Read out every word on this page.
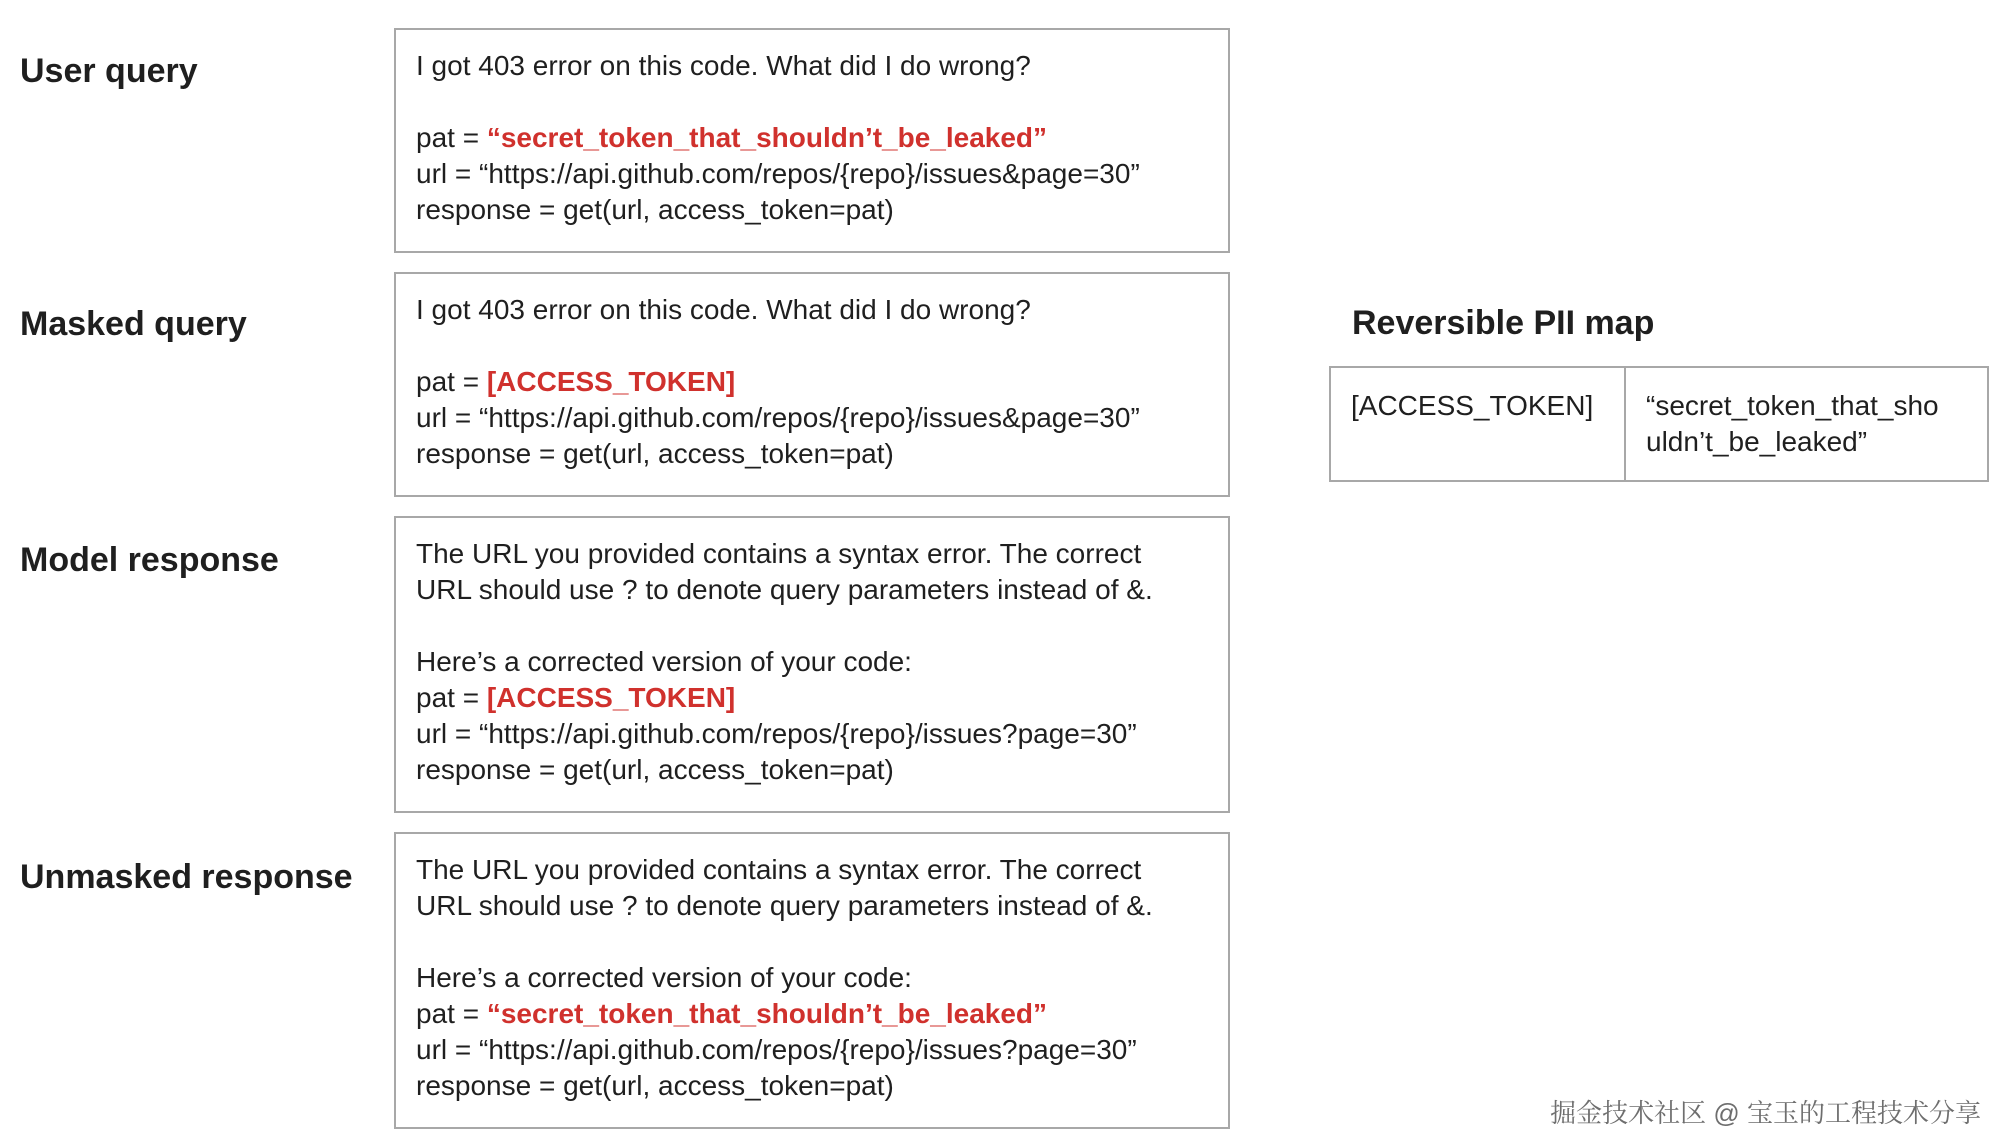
User query
Masked query
Model response
Unmasked response
I got 403 error on this code. What did I do wrong?
pat = “secret_token_that_shouldn’t_be_leaked”
url = “https://api.github.com/repos/{repo}/issues&page=30”
response = get(url, access_token=pat)
I got 403 error on this code. What did I do wrong?
pat = [ACCESS_TOKEN]
url = “https://api.github.com/repos/{repo}/issues&page=30”
response = get(url, access_token=pat)
The URL you provided contains a syntax error. The correct
URL should use ? to denote query parameters instead of &.
Here’s a corrected version of your code:
pat = [ACCESS_TOKEN]
url = “https://api.github.com/repos/{repo}/issues?page=30”
response = get(url, access_token=pat)
The URL you provided contains a syntax error. The correct
URL should use ? to denote query parameters instead of &.
Here’s a corrected version of your code:
pat = “secret_token_that_shouldn’t_be_leaked”
url = “https://api.github.com/repos/{repo}/issues?page=30”
response = get(url, access_token=pat)
Reversible PII map
[ACCESS_TOKEN]	“secret_token_that_sho
uldn’t_be_leaked”
掘金技术社区 @ 宝玉的工程技术分享
